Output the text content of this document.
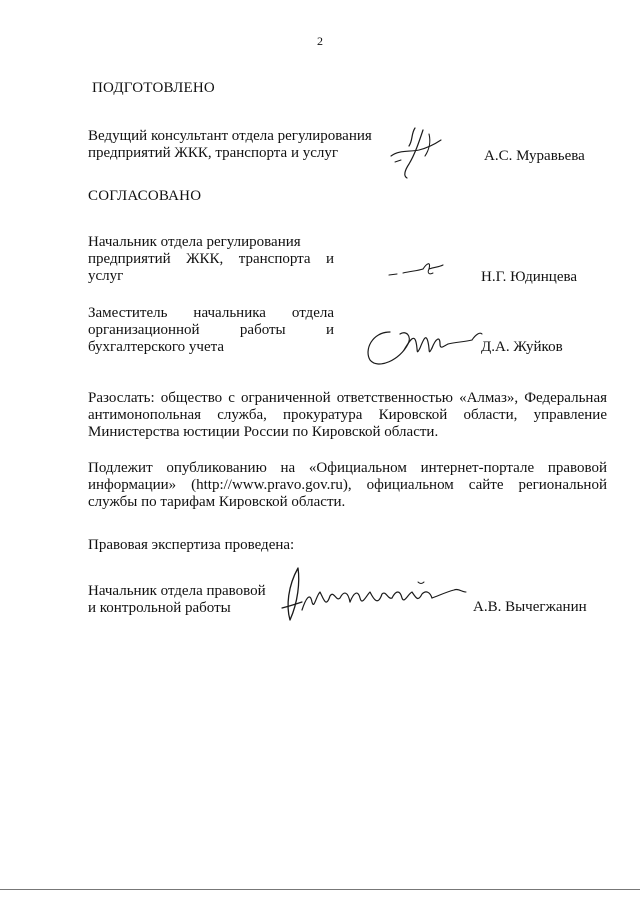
2
ПОДГОТОВЛЕНО
Ведущий консультант отдела регулирования
предприятий ЖКК, транспорта и услуг	А.С. Муравьева
СОГЛАСОВАНО
Начальник отдела регулирования
предприятий ЖКК, транспорта и
услуг	Н.Г. Юдинцева
Заместитель начальника отдела
организационной работы и
бухгалтерского учета	Д.А. Жуйков
Разослать: общество с ограниченной ответственностью «Алмаз», Федеральная антимонопольная служба, прокуратура Кировской области, управление Министерства юстиции России по Кировской области.
Подлежит опубликованию на «Официальном интернет-портале правовой информации» (http://www.pravo.gov.ru), официальном сайте региональной службы по тарифам Кировской области.
Правовая экспертиза проведена:
Начальник отдела правовой
и контрольной работы	А.В. Вычегжанин
